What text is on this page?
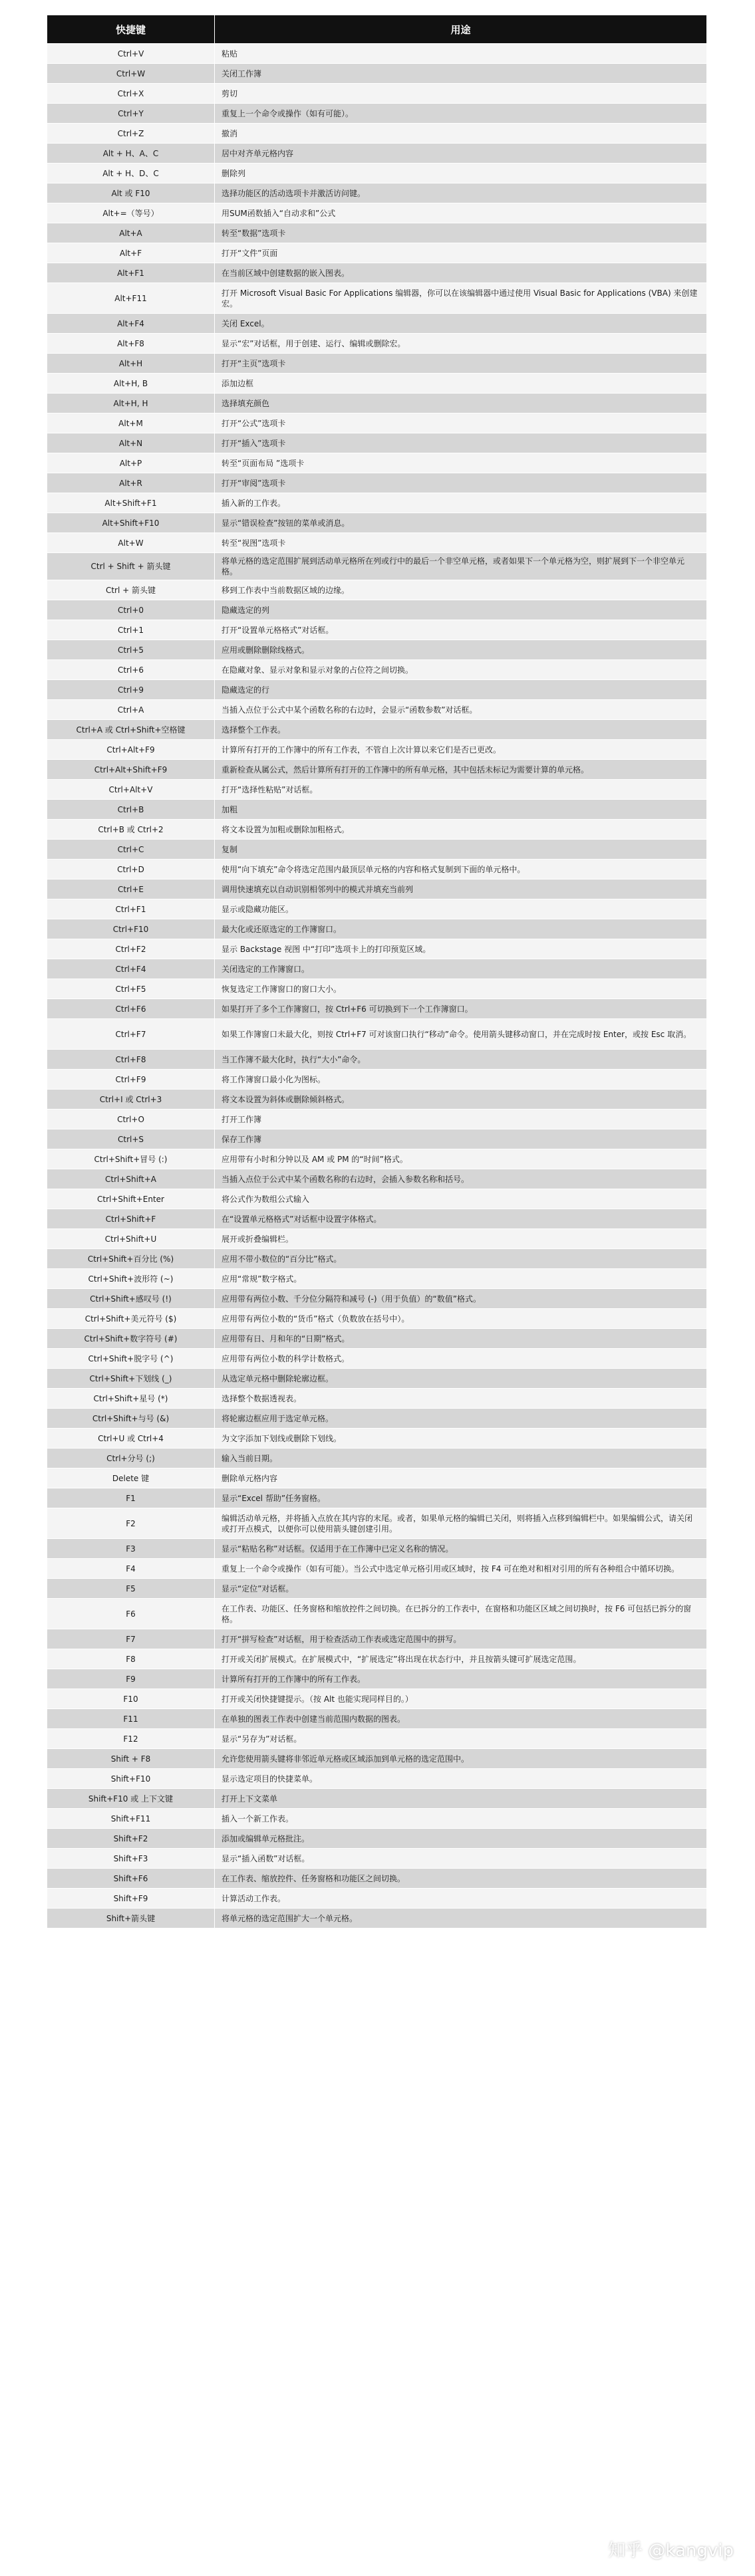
快捷键	用途
Ctrl+V	粘贴
Ctrl+W	关闭工作簿
Ctrl+X	剪切
Ctrl+Y	重复上一个命令或操作（如有可能）。
Ctrl+Z	撤消
Alt + H、A、C	居中对齐单元格内容
Alt + H、D、C	删除列
Alt 或 F10	选择功能区的活动选项卡并激活访问键。
Alt+=（等号）	用SUM函数插入“自动求和”公式
Alt+A	转至“数据”选项卡
Alt+F	打开“文件”页面
Alt+F1	在当前区域中创建数据的嵌入图表。
Alt+F11	打开 Microsoft Visual Basic For Applications 编辑器，你可以在该编辑器中通过使用 Visual Basic for Applications (VBA) 来创建宏。
Alt+F4	关闭 Excel。
Alt+F8	显示“宏”对话框，用于创建、运行、编辑或删除宏。
Alt+H	打开“主页”选项卡
Alt+H, B	添加边框
Alt+H, H	选择填充颜色
Alt+M	打开“公式”选项卡
Alt+N	打开“插入”选项卡
Alt+P	转至“页面布局 ”选项卡
Alt+R	打开“审阅”选项卡
Alt+Shift+F1	插入新的工作表。
Alt+Shift+F10	显示“错误检查”按钮的菜单或消息。
Alt+W	转至“视图”选项卡
Ctrl + Shift + 箭头键	将单元格的选定范围扩展到活动单元格所在列或行中的最后一个非空单元格，或者如果下一个单元格为空，则扩展到下一个非空单元格。
Ctrl + 箭头键	移到工作表中当前数据区域的边缘。
Ctrl+0	隐藏选定的列
Ctrl+1	打开“设置单元格格式”对话框。
Ctrl+5	应用或删除删除线格式。
Ctrl+6	在隐藏对象、显示对象和显示对象的占位符之间切换。
Ctrl+9	隐藏选定的行
Ctrl+A	当插入点位于公式中某个函数名称的右边时，会显示“函数参数”对话框。
Ctrl+A 或 Ctrl+Shift+空格键	选择整个工作表。
Ctrl+Alt+F9	计算所有打开的工作簿中的所有工作表，不管自上次计算以来它们是否已更改。
Ctrl+Alt+Shift+F9	重新检查从属公式，然后计算所有打开的工作簿中的所有单元格，其中包括未标记为需要计算的单元格。
Ctrl+Alt+V	打开“选择性粘贴”对话框。
Ctrl+B	加粗
Ctrl+B 或 Ctrl+2	将文本设置为加粗或删除加粗格式。
Ctrl+C	复制
Ctrl+D	使用“向下填充”命令将选定范围内最顶层单元格的内容和格式复制到下面的单元格中。
Ctrl+E	调用快速填充以自动识别相邻列中的模式并填充当前列
Ctrl+F1	显示或隐藏功能区。
Ctrl+F10	最大化或还原选定的工作簿窗口。
Ctrl+F2	显示 Backstage 视图 中“打印”选项卡上的打印预览区域。
Ctrl+F4	关闭选定的工作簿窗口。
Ctrl+F5	恢复选定工作簿窗口的窗口大小。
Ctrl+F6	如果打开了多个工作簿窗口，按 Ctrl+F6 可切换到下一个工作簿窗口。
Ctrl+F7	如果工作簿窗口未最大化，则按 Ctrl+F7 可对该窗口执行“移动”命令。使用箭头键移动窗口，并在完成时按 Enter，或按 Esc 取消。
Ctrl+F8	当工作簿不最大化时，执行“大小”命令。
Ctrl+F9	将工作簿窗口最小化为图标。
Ctrl+I 或 Ctrl+3	将文本设置为斜体或删除倾斜格式。
Ctrl+O	打开工作簿
Ctrl+S	保存工作簿
Ctrl+Shift+冒号 (:)	应用带有小时和分钟以及 AM 或 PM 的“时间”格式。
Ctrl+Shift+A	当插入点位于公式中某个函数名称的右边时，会插入参数名称和括号。
Ctrl+Shift+Enter	将公式作为数组公式输入
Ctrl+Shift+F	在“设置单元格格式”对话框中设置字体格式。
Ctrl+Shift+U	展开或折叠编辑栏。
Ctrl+Shift+百分比 (%)	应用不带小数位的“百分比”格式。
Ctrl+Shift+波形符 (~)	应用“常规”数字格式。
Ctrl+Shift+感叹号 (!)	应用带有两位小数、千分位分隔符和减号 (-)（用于负值）的“数值”格式。
Ctrl+Shift+美元符号 ($)	应用带有两位小数的“货币”格式（负数放在括号中）。
Ctrl+Shift+数字符号 (#)	应用带有日、月和年的“日期”格式。
Ctrl+Shift+脱字号 (^)	应用带有两位小数的科学计数格式。
Ctrl+Shift+下划线 (_)	从选定单元格中删除轮廓边框。
Ctrl+Shift+星号 (*)	选择整个数据透视表。
Ctrl+Shift+与号 (&)	将轮廓边框应用于选定单元格。
Ctrl+U 或 Ctrl+4	为文字添加下划线或删除下划线。
Ctrl+分号 (;)	输入当前日期。
Delete 键	删除单元格内容
F1	显示“Excel 帮助”任务窗格。
F2	编辑活动单元格，并将插入点放在其内容的末尾。或者，如果单元格的编辑已关闭，则将插入点移到编辑栏中。如果编辑公式，请关闭或打开点模式，以便你可以使用箭头键创建引用。
F3	显示“粘贴名称”对话框。仅适用于在工作簿中已定义名称的情况。
F4	重复上一个命令或操作（如有可能）。当公式中选定单元格引用或区域时，按 F4 可在绝对和相对引用的所有各种组合中循环切换。
F5	显示“定位”对话框。
F6	在工作表、功能区、任务窗格和缩放控件之间切换。在已拆分的工作表中，在窗格和功能区区域之间切换时，按 F6 可包括已拆分的窗格。
F7	打开“拼写检查”对话框，用于检查活动工作表或选定范围中的拼写。
F8	打开或关闭扩展模式。在扩展模式中，“扩展选定”将出现在状态行中，并且按箭头键可扩展选定范围。
F9	计算所有打开的工作簿中的所有工作表。
F10	打开或关闭快捷键提示。（按 Alt 也能实现同样目的。）
F11	在单独的图表工作表中创建当前范围内数据的图表。
F12	显示“另存为”对话框。
Shift + F8	允许您使用箭头键将非邻近单元格或区域添加到单元格的选定范围中。
Shift+F10	显示选定项目的快捷菜单。
Shift+F10 或 上下文键	打开上下文菜单
Shift+F11	插入一个新工作表。
Shift+F2	添加或编辑单元格批注。
Shift+F3	显示“插入函数”对话框。
Shift+F6	在工作表、缩放控件、任务窗格和功能区之间切换。
Shift+F9	计算活动工作表。
Shift+箭头键	将单元格的选定范围扩大一个单元格。
知乎 @kangvip
